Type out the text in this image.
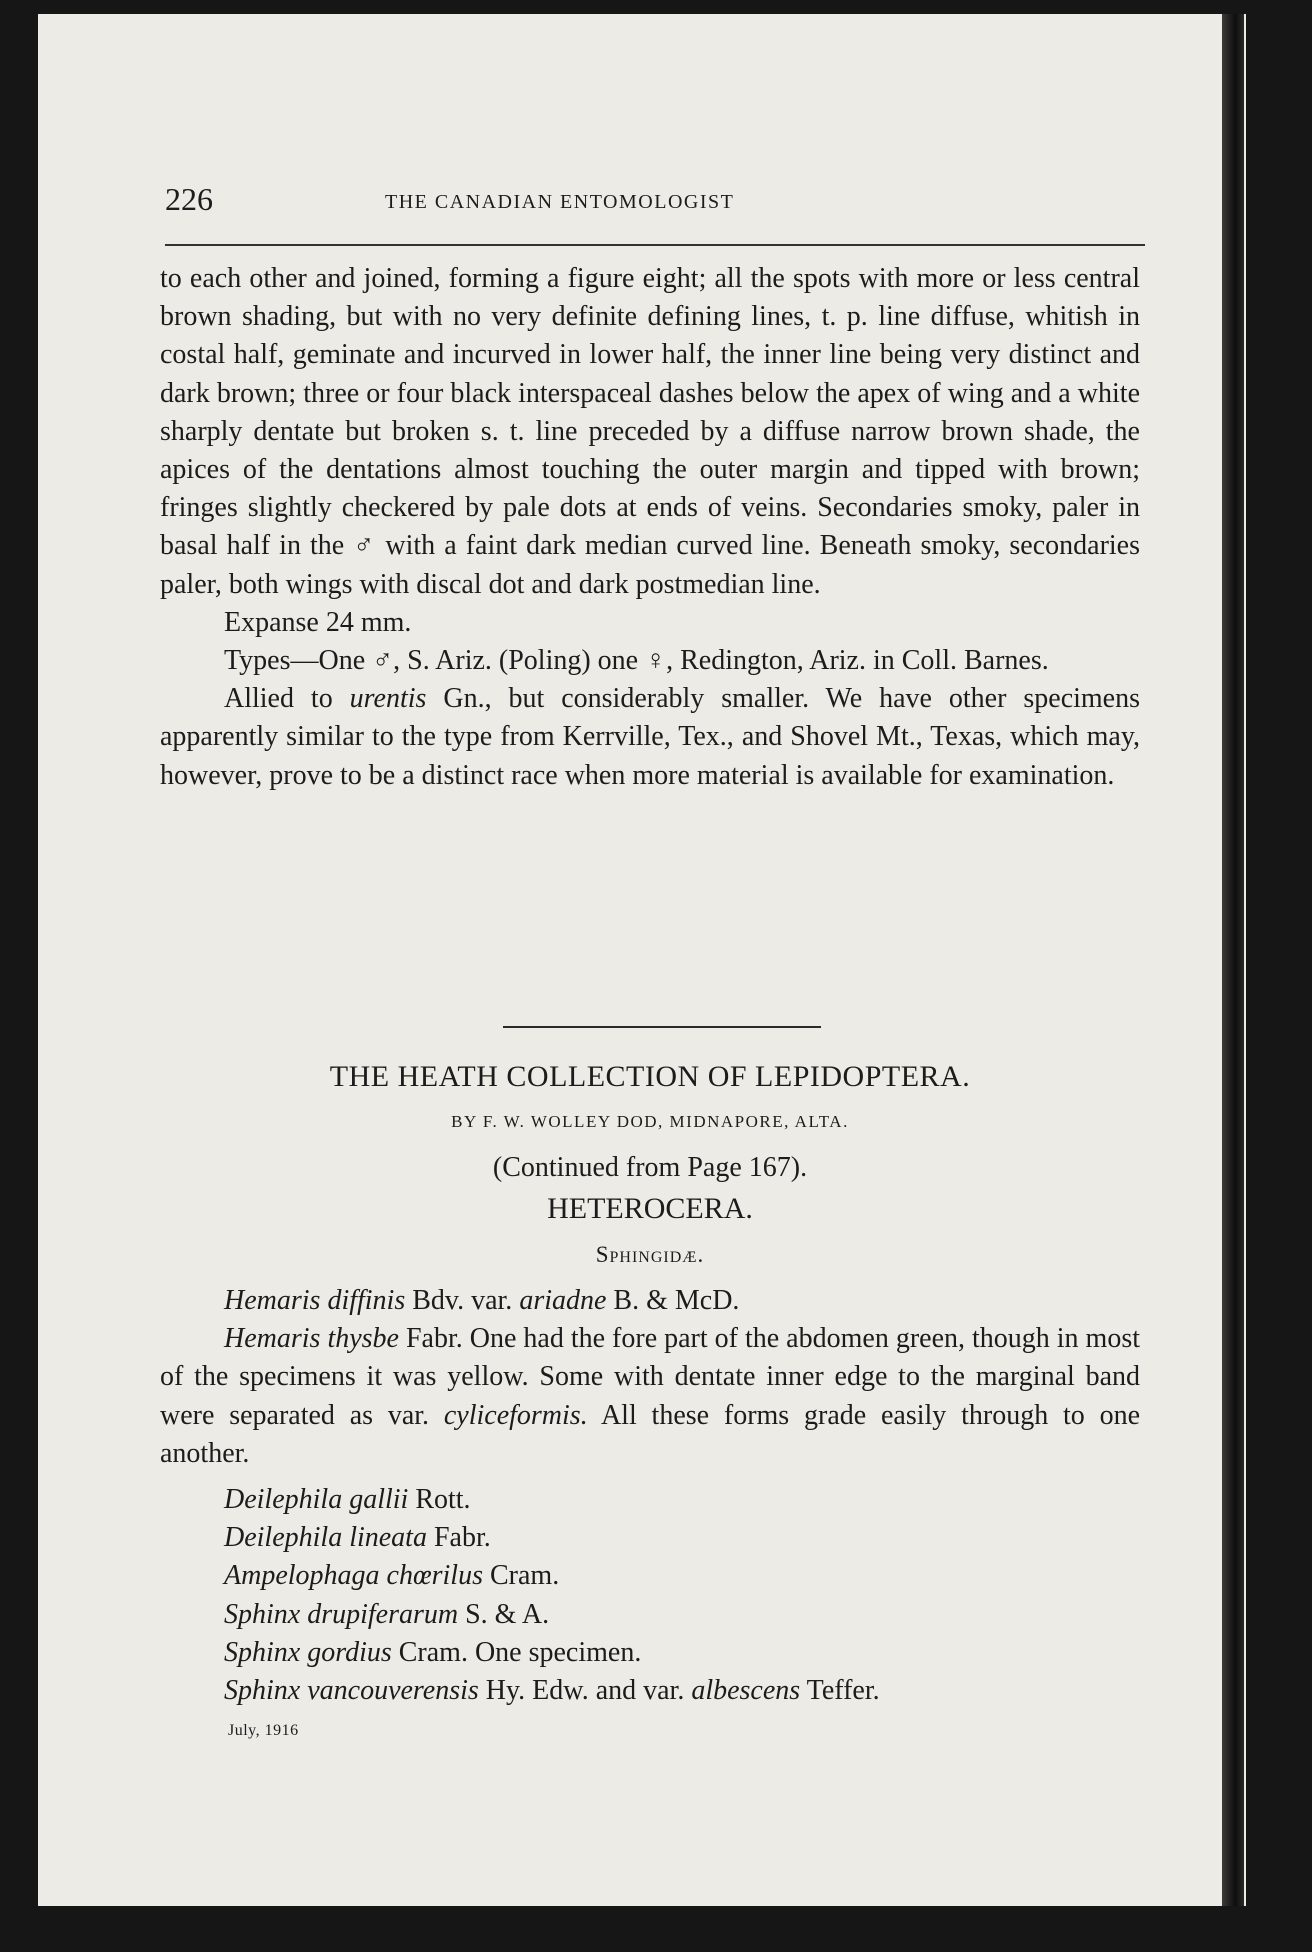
226	THE CANADIAN ENTOMOLOGIST

to each other and joined, forming a figure eight; all the spots with more or less central brown shading, but with no very definite defining lines, t. p. line diffuse, whitish in costal half, geminate and incurved in lower half, the inner line being very distinct and dark brown; three or four black interspaceal dashes below the apex of wing and a white sharply dentate but broken s. t. line preceded by a diffuse narrow brown shade, the apices of the dentations almost touching the outer margin and tipped with brown; fringes slightly checkered by pale dots at ends of veins. Secondaries smoky, paler in basal half in the ♂ with a faint dark median curved line. Beneath smoky, secondaries paler, both wings with discal dot and dark postmedian line.

Expanse 24 mm.

Types—One ♂, S. Ariz. (Poling) one ♀, Redington, Ariz. in Coll. Barnes.

Allied to urentis Gn., but considerably smaller. We have other specimens apparently similar to the type from Kerrville, Tex., and Shovel Mt., Texas, which may, however, prove to be a distinct race when more material is available for examination.

THE HEATH COLLECTION OF LEPIDOPTERA.
BY F. W. WOLLEY DOD, MIDNAPORE, ALTA.
(Continued from Page 167).
HETEROCERA.
Sphingidæ.

Hemaris diffinis Bdv. var. ariadne B. & McD.

Hemaris thysbe Fabr. One had the fore part of the abdomen green, though in most of the specimens it was yellow. Some with dentate inner edge to the marginal band were separated as var. cyliceformis. All these forms grade easily through to one another.

Deilephila gallii Rott.

Deilephila lineata Fabr.

Ampelophaga chœrilus Cram.

Sphinx drupiferarum S. & A.

Sphinx gordius Cram. One specimen.

Sphinx vancouverensis Hy. Edw. and var. albescens Teffer.

July, 1916
